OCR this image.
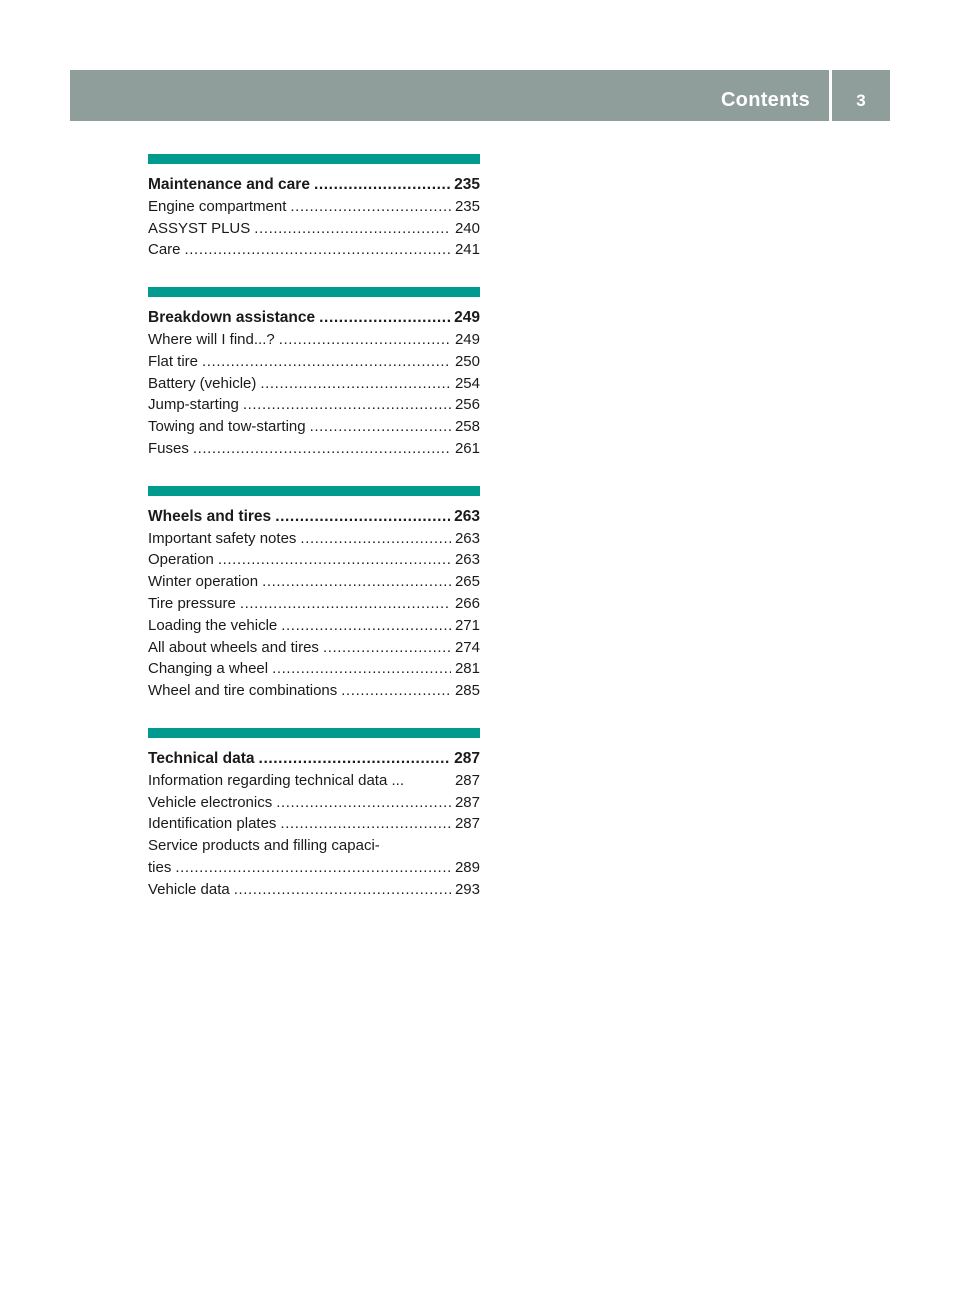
Contents	3
Maintenance and care .....	235
Engine compartment .....	235
ASSYST PLUS .....	240
Care .....	241
Breakdown assistance .....	249
Where will I find...? .....	249
Flat tire .....	250
Battery (vehicle) .....	254
Jump-starting .....	256
Towing and tow-starting .....	258
Fuses .....	261
Wheels and tires .....	263
Important safety notes .....	263
Operation .....	263
Winter operation .....	265
Tire pressure .....	266
Loading the vehicle .....	271
All about wheels and tires .....	274
Changing a wheel .....	281
Wheel and tire combinations .....	285
Technical data .....	287
Information regarding technical data ...	287
Vehicle electronics .....	287
Identification plates .....	287
Service products and filling capaci-
ties .....	289
Vehicle data .....	293
